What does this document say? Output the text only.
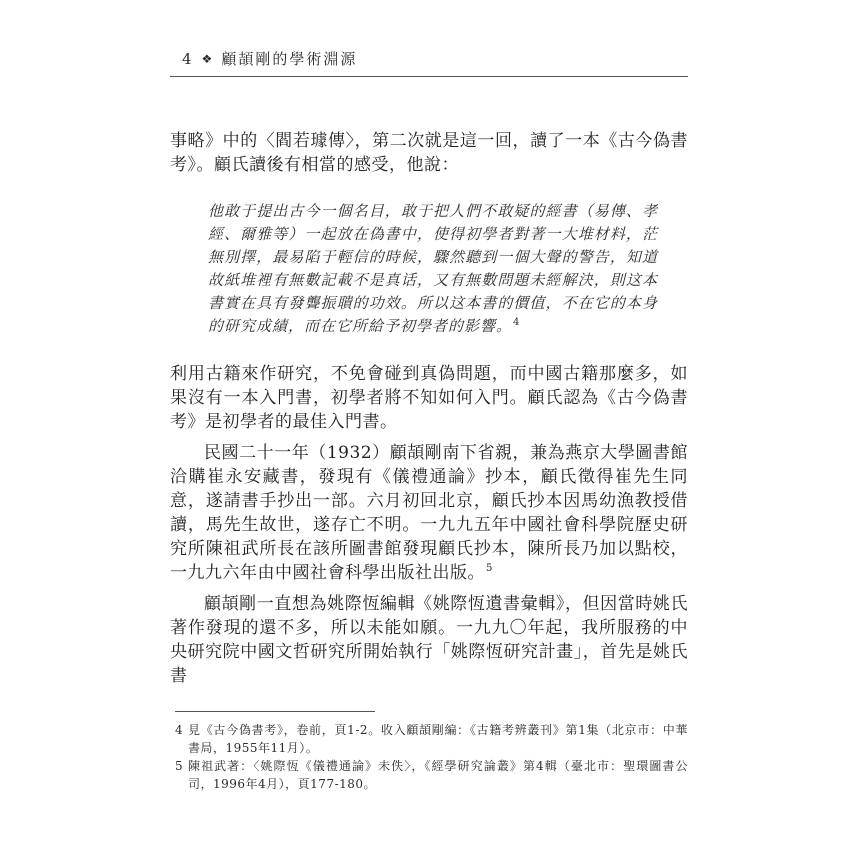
4 ❖ 顧頡剛的學術淵源

事略》中的〈閻若璩傳〉，第二次就是這一回，讀了一本《古今偽書考》。顧氏讀後有相當的感受，他說：

他敢于提出古今一個名目，敢于把人們不敢疑的經書（易傳、孝經、爾雅等）一起放在偽書中，使得初學者對著一大堆材料，茫無別擇，最易陷于輕信的時候，驟然聽到一個大聲的警告，知道故紙堆裡有無數記載不是真话，又有無數問題未經解決，則这本書實在具有發聾振聵的功效。所以这本書的價值，不在它的本身的研究成績，而在它所給予初學者的影響。$^4$

利用古籍來作研究，不免會碰到真偽問題，而中國古籍那麼多，如果沒有一本入門書，初學者將不知如何入門。顧氏認為《古今偽書考》是初學者的最佳入門書。

民國二十一年（1932）顧頡剛南下省親，兼為燕京大學圖書館洽購崔永安藏書，發現有《儀禮通論》抄本，顧氏徵得崔先生同意，遂請書手抄出一部。六月初回北京，顧氏抄本因馬幼漁教授借讀，馬先生故世，遂存亡不明。一九九五年中國社會科學院歷史研究所陳祖武所長在該所圖書館發現顧氏抄本，陳所長乃加以點校，一九九六年由中國社會科學出版社出版。$^5$

顧頡剛一直想為姚際恆編輯《姚際恆遺書彙輯》，但因當時姚氏著作發現的還不多，所以未能如願。一九九〇年起，我所服務的中央研究院中國文哲研究所開始執行「姚際恆研究計畫」，首先是姚氏書

4 見《古今偽書考》，卷前，頁1-2。收入顧頡剛編：《古籍考辨叢刊》第1集（北京市：中華書局，1955年11月）。
5 陳祖武著：〈姚際恆《儀禮通論》未佚〉，《經學研究論叢》第4輯（臺北市：聖環圖書公司，1996年4月），頁177-180。
